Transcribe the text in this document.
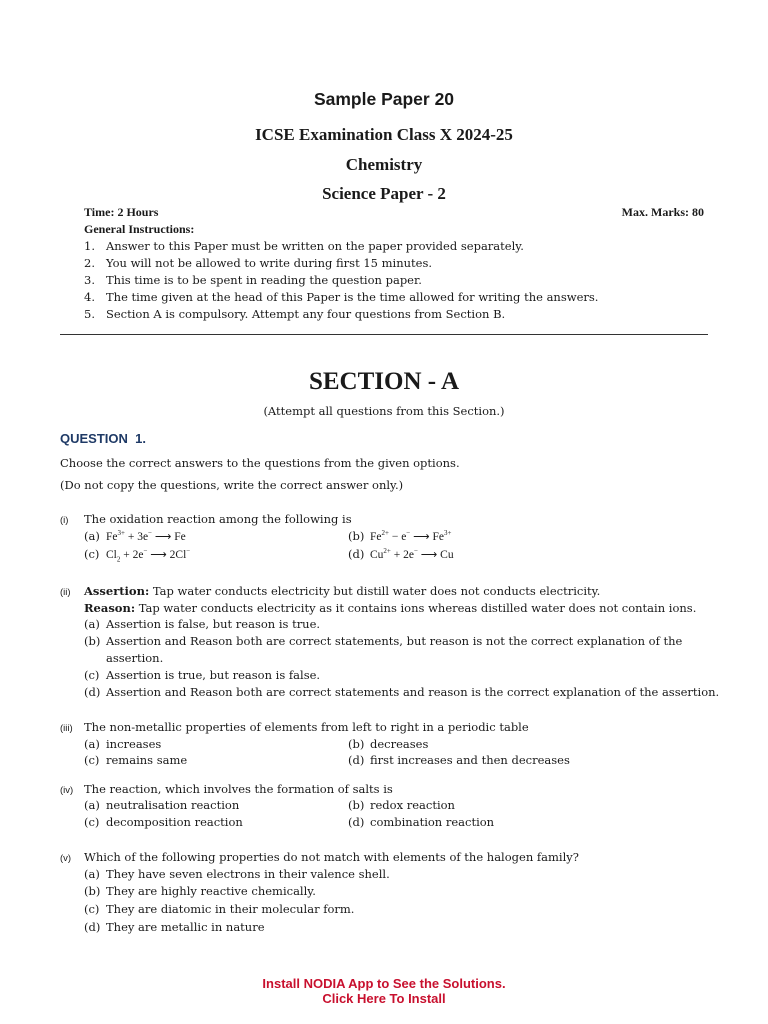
Sample Paper 20
ICSE Examination Class X 2024-25
Chemistry
Science Paper - 2
Time: 2 Hours	Max. Marks: 80
General Instructions:
1. Answer to this Paper must be written on the paper provided separately.
2. You will not be allowed to write during first 15 minutes.
3. This time is to be spent in reading the question paper.
4. The time given at the head of this Paper is the time allowed for writing the answers.
5. Section A is compulsory. Attempt any four questions from Section B.
SECTION - A
(Attempt all questions from this Section.)
QUESTION 1.
Choose the correct answers to the questions from the given options.
(Do not copy the questions, write the correct answer only.)
(i) The oxidation reaction among the following is
(a) $Fe^{3+} + 3e^-$ ⟶ Fe	(b) $Fe^{2+} - e^-$ ⟶ $Fe^{3+}$
(c) $Cl_2 + 2e^-$ ⟶ 2Cl−	(d) $Cu^{2+} + 2e^-$ ⟶ Cu
(ii) Assertion: Tap water conducts electricity but distill water does not conducts electricity.
Reason: Tap water conducts electricity as it contains ions whereas distilled water does not contain ions.
(a) Assertion is false, but reason is true.
(b) Assertion and Reason both are correct statements, but reason is not the correct explanation of the
assertion.
(c) Assertion is true, but reason is false.
(d) Assertion and Reason both are correct statements and reason is the correct explanation of the assertion.
(iii) The non-metallic properties of elements from left to right in a periodic table
(a) increases	(b) decreases
(c) remains same	(d) first increases and then decreases
(iv) The reaction, which involves the formation of salts is
(a) neutralisation reaction	(b) redox reaction
(c) decomposition reaction	(d) combination reaction
(v) Which of the following properties do not match with elements of the halogen family?
(a) They have seven electrons in their valence shell.
(b) They are highly reactive chemically.
(c) They are diatomic in their molecular form.
(d) They are metallic in nature
Install NODIA App to See the Solutions.
Click Here To Install
